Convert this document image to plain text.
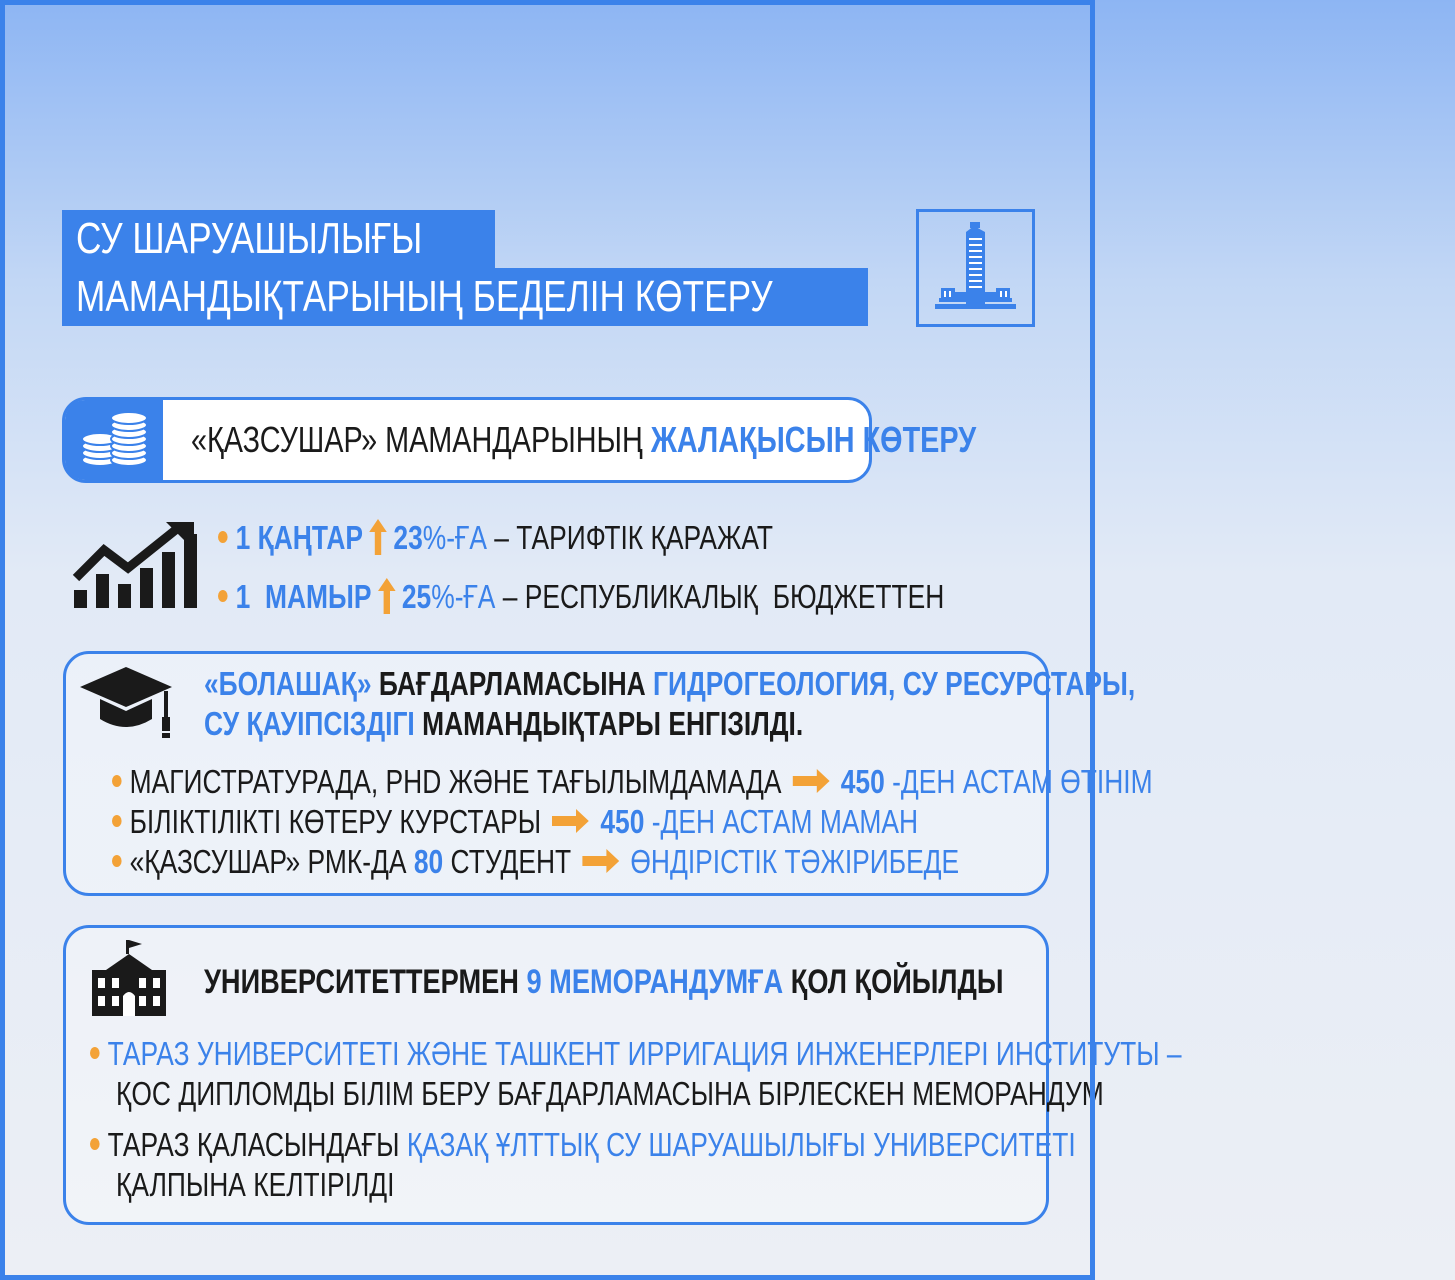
СУ ШАРУАШЫЛЫҒЫ
МАМАНДЫҚТАРЫНЫҢ БЕДЕЛІН КӨТЕРУ
«ҚАЗСУШАР» МАМАНДАРЫНЫҢ ЖАЛАҚЫСЫН КӨТЕРУ
1 ҚАҢТАР 23%-ҒА – ТАРИФТІК ҚАРАЖАТ
1  МАМЫР 25%-ҒА – РЕСПУБЛИКАЛЫҚ  БЮДЖЕТТЕН
«БОЛАШАҚ» БАҒДАРЛАМАСЫНА ГИДРОГЕОЛОГИЯ, СУ РЕСУРСТАРЫ,
СУ ҚАУІПСІЗДІГІ МАМАНДЫҚТАРЫ ЕНГІЗІЛДІ.
МАГИСТРАТУРАДА, PHD ЖӘНЕ ТАҒЫЛЫМДАМАДА 450 -ДЕН АСТАМ ӨТІНІМ
БІЛІКТІЛІКТІ КӨТЕРУ КУРСТАРЫ 450 -ДЕН АСТАМ МАМАН
«ҚАЗСУШАР» РМК-ДА 80 СТУДЕНТ ӨНДІРІСТІК ТӘЖІРИБЕДЕ
УНИВЕРСИТЕТТЕРМЕН 9 МЕМОРАНДУМҒА ҚОЛ ҚОЙЫЛДЫ
ТАРАЗ УНИВЕРСИТЕТІ ЖӘНЕ ТАШКЕНТ ИРРИГАЦИЯ ИНЖЕНЕРЛЕРІ ИНСТИТУТЫ –
ҚОС ДИПЛОМДЫ БІЛІМ БЕРУ БАҒДАРЛАМАСЫНА БІРЛЕСКЕН МЕМОРАНДУМ
ТАРАЗ ҚАЛАСЫНДАҒЫ ҚАЗАҚ ҰЛТТЫҚ СУ ШАРУАШЫЛЫҒЫ УНИВЕРСИТЕТІ
ҚАЛПЫНА КЕЛТІРІЛДІ
